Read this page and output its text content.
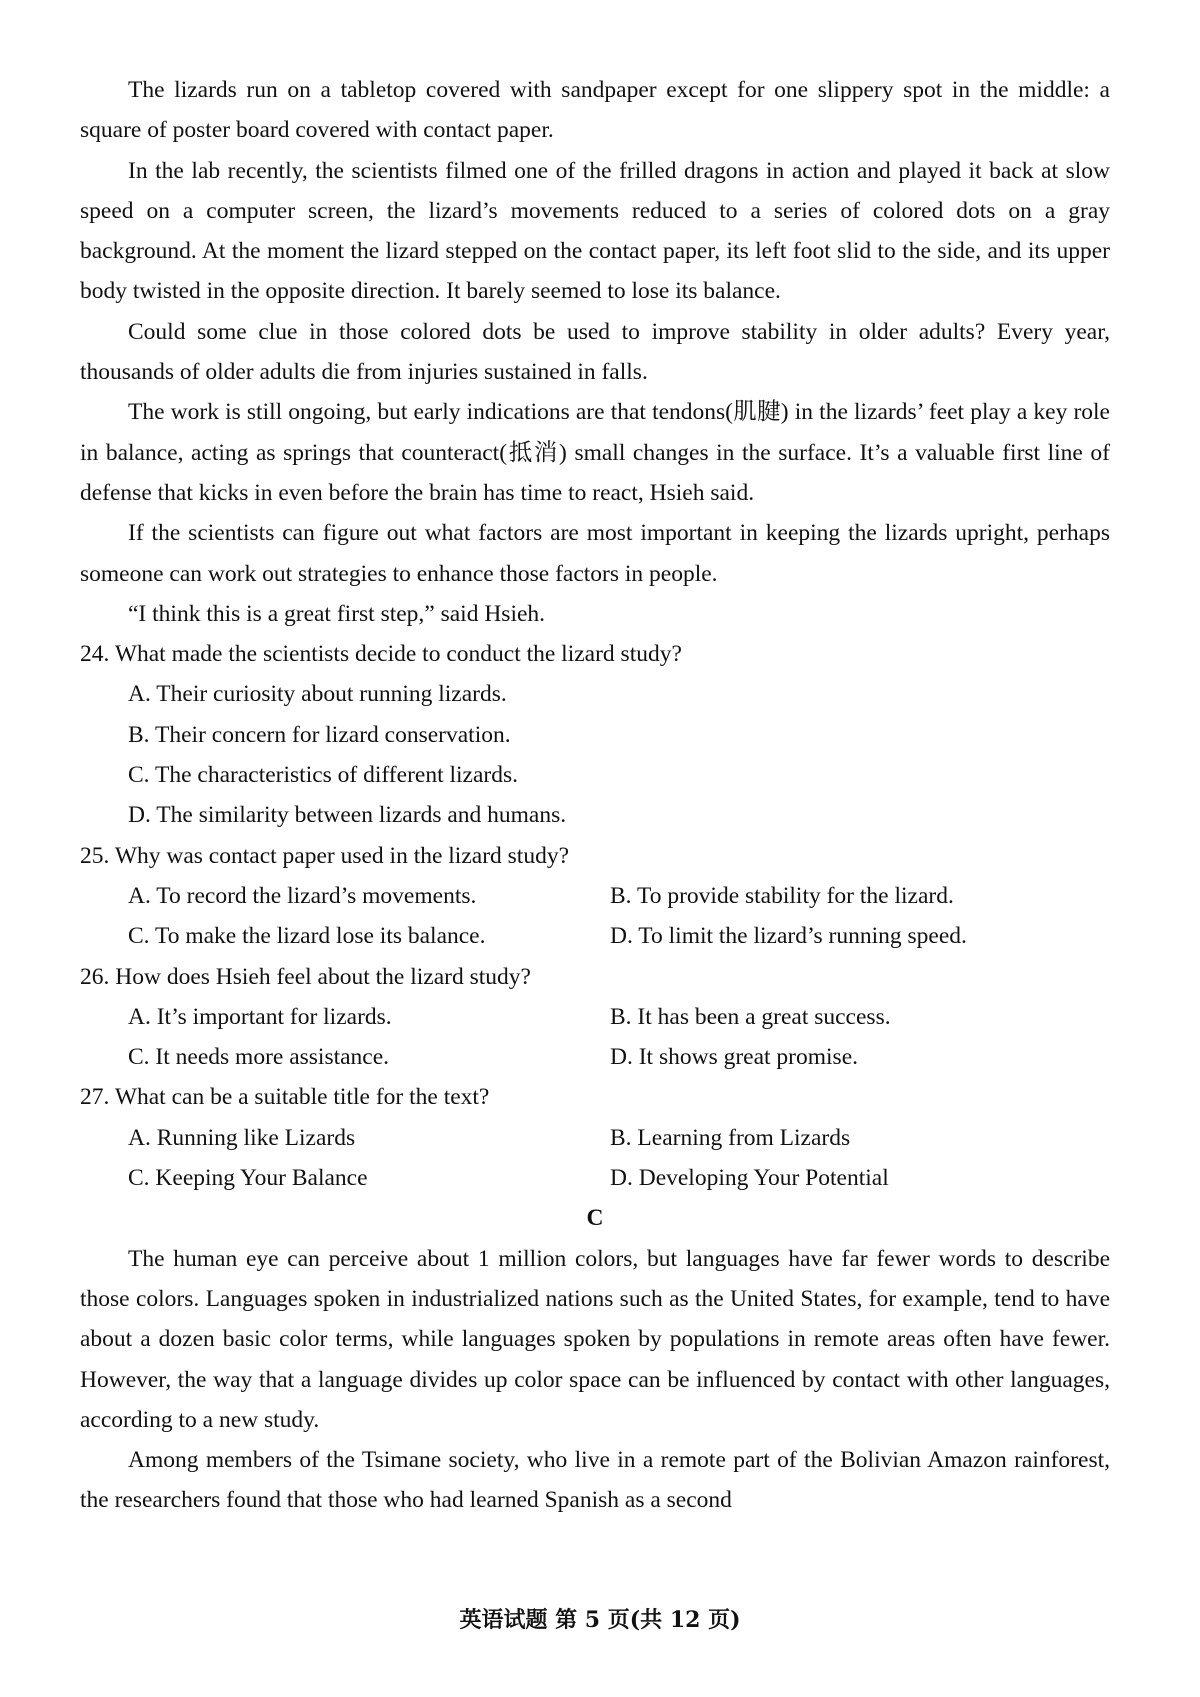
The lizards run on a tabletop covered with sandpaper except for one slippery spot in the middle: a square of poster board covered with contact paper.

In the lab recently, the scientists filmed one of the frilled dragons in action and played it back at slow speed on a computer screen, the lizard’s movements reduced to a series of colored dots on a gray background. At the moment the lizard stepped on the contact paper, its left foot slid to the side, and its upper body twisted in the opposite direction. It barely seemed to lose its balance.

Could some clue in those colored dots be used to improve stability in older adults? Every year, thousands of older adults die from injuries sustained in falls.

The work is still ongoing, but early indications are that tendons(肌腱) in the lizards’ feet play a key role in balance, acting as springs that counteract(抵消) small changes in the surface. It’s a valuable first line of defense that kicks in even before the brain has time to react, Hsieh said.

If the scientists can figure out what factors are most important in keeping the lizards upright, perhaps someone can work out strategies to enhance those factors in people.

“I think this is a great first step,” said Hsieh.

24. What made the scientists decide to conduct the lizard study?

A. Their curiosity about running lizards.

B. Their concern for lizard conservation.

C. The characteristics of different lizards.

D. The similarity between lizards and humans.

25. Why was contact paper used in the lizard study?

A. To record the lizard’s movements.	B. To provide stability for the lizard.
C. To make the lizard lose its balance.	D. To limit the lizard’s running speed.

26. How does Hsieh feel about the lizard study?

A. It’s important for lizards.	B. It has been a great success.
C. It needs more assistance.	D. It shows great promise.

27. What can be a suitable title for the text?

A. Running like Lizards	B. Learning from Lizards
C. Keeping Your Balance	D. Developing Your Potential

C

The human eye can perceive about 1 million colors, but languages have far fewer words to describe those colors. Languages spoken in industrialized nations such as the United States, for example, tend to have about a dozen basic color terms, while languages spoken by populations in remote areas often have fewer. However, the way that a language divides up color space can be influenced by contact with other languages, according to a new study.

Among members of the Tsimane society, who live in a remote part of the Bolivian Amazon rainforest, the researchers found that those who had learned Spanish as a second

英语试题 第 5 页(共 12 页)
